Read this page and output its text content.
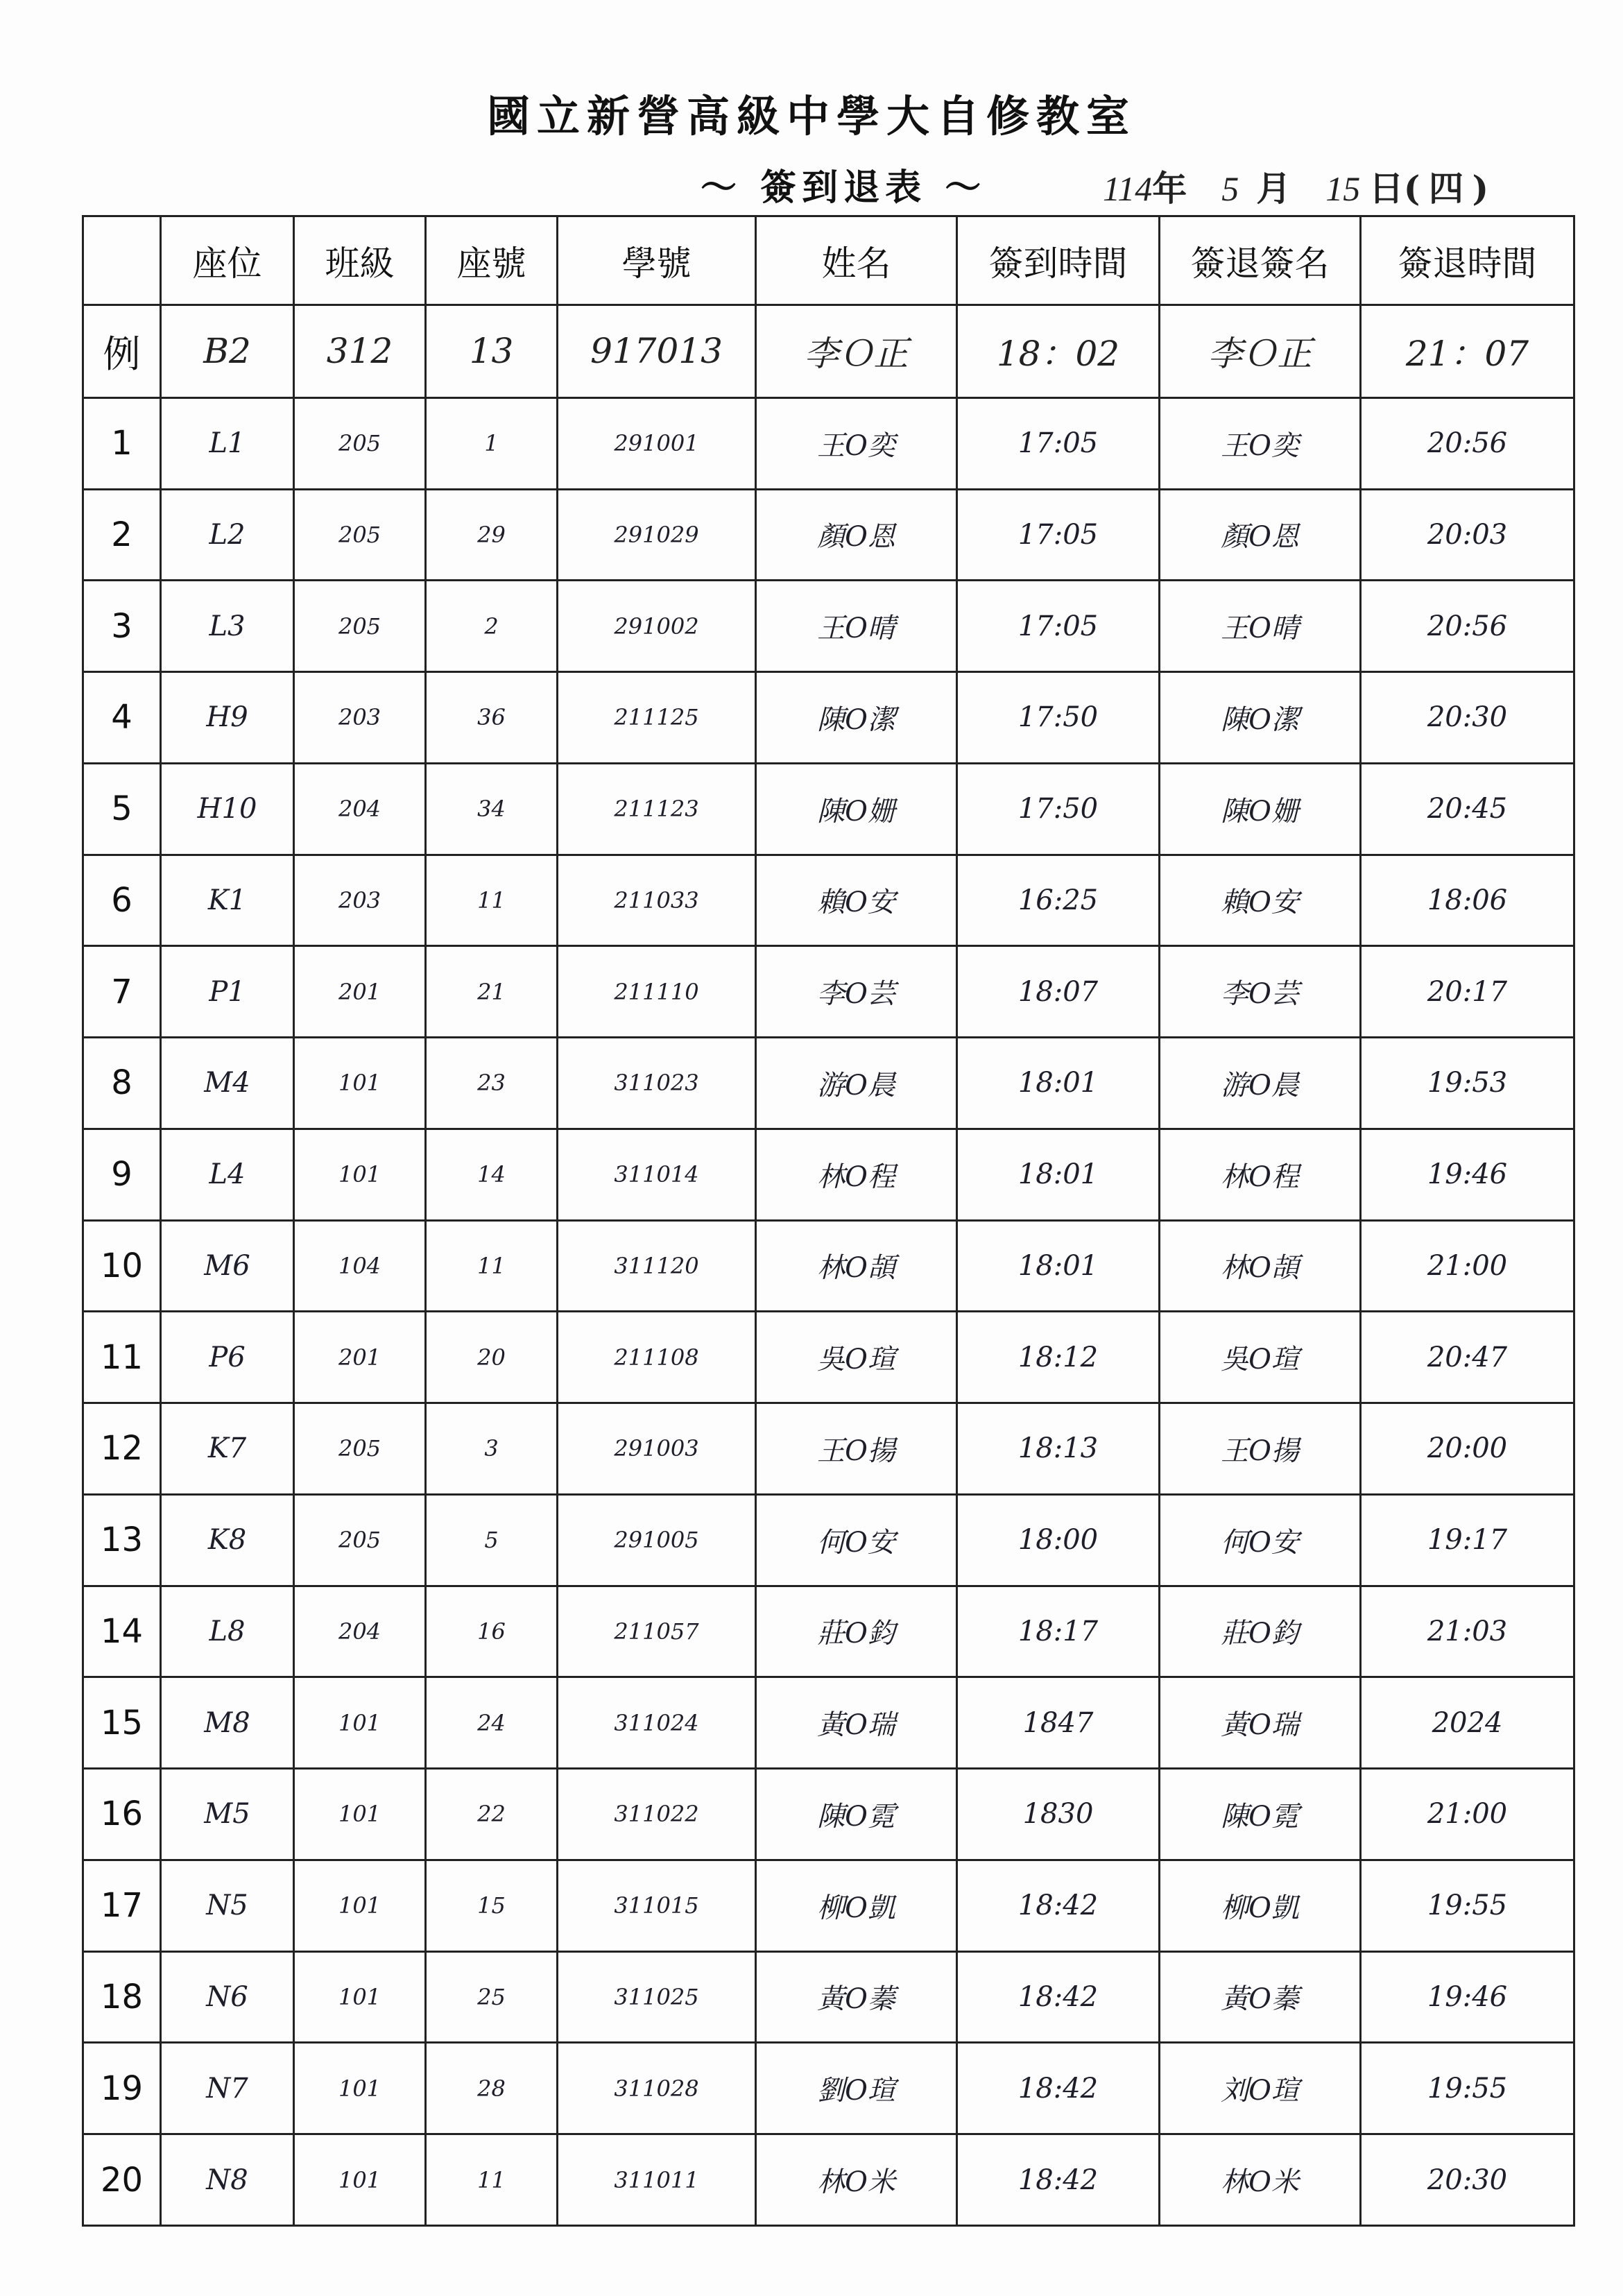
國立新營高級中學大自修教室
～ 簽到退表 ～	114年 5 月 15 日( 四 )
	座位	班級	座號	學號	姓名	簽到時間	簽退簽名	簽退時間
例	B2	312	13	917013	李Ｏ正	18：02	李Ｏ正	21：07
1	L1	205	1	291001	王O奕	17:05	王O奕	20:56
2	L2	205	29	291029	顏O恩	17:05	顏O恩	20:03
3	L3	205	2	291002	王O晴	17:05	王O晴	20:56
4	H9	203	36	211125	陳O潔	17:50	陳O潔	20:30
5	H10	204	34	211123	陳O姗	17:50	陳O姗	20:45
6	K1	203	11	211033	賴O安	16:25	賴O安	18:06
7	P1	201	21	211110	李O芸	18:07	李O芸	20:17
8	M4	101	23	311023	游O晨	18:01	游O晨	19:53
9	L4	101	14	311014	林O程	18:01	林O程	19:46
10	M6	104	11	311120	林O頡	18:01	林O頡	21:00
11	P6	201	20	211108	吳O瑄	18:12	吳O瑄	20:47
12	K7	205	3	291003	王O揚	18:13	王O揚	20:00
13	K8	205	5	291005	何O安	18:00	何O安	19:17
14	L8	204	16	211057	莊O鈞	18:17	莊O鈞	21:03
15	M8	101	24	311024	黃O瑞	1847	黃O瑞	2024
16	M5	101	22	311022	陳O霓	1830	陳O霓	21:00
17	N5	101	15	311015	柳O凱	18:42	柳O凱	19:55
18	N6	101	25	311025	黃O蓁	18:42	黃O蓁	19:46
19	N7	101	28	311028	劉O瑄	18:42	刘O瑄	19:55
20	N8	101	11	311011	林O米	18:42	林O米	20:30
